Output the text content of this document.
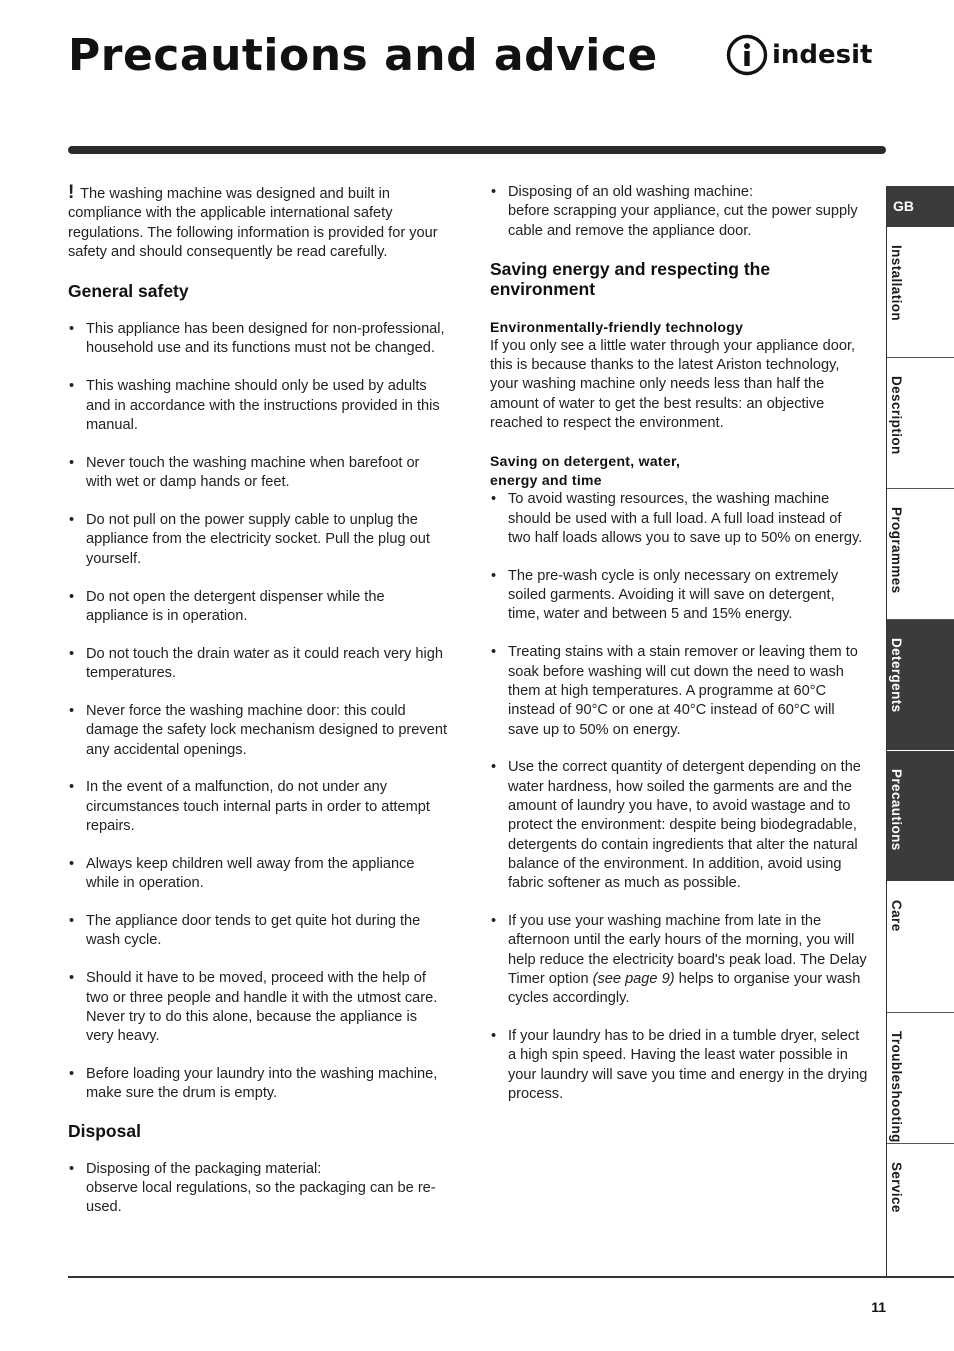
Precautions and advice	indesit

! The washing machine was designed and built in compliance with the applicable international safety regulations. The following information is provided for your safety and should consequently be read carefully.

General safety
• This appliance has been designed for non-professional, household use and its functions must not be changed.
• This washing machine should only be used by adults and in accordance with the instructions provided in this manual.
• Never touch the washing machine when barefoot or with wet or damp hands or feet.
• Do not pull on the power supply cable to unplug the appliance from the electricity socket. Pull the plug out yourself.
• Do not open the detergent dispenser while the appliance is in operation.
• Do not touch the drain water as it could reach very high temperatures.
• Never force the washing machine door: this could damage the safety lock mechanism designed to prevent any accidental openings.
• In the event of a malfunction, do not under any circumstances touch internal parts in order to attempt repairs.
• Always keep children well away from the appliance while in operation.
• The appliance door tends to get quite hot during the wash cycle.
• Should it have to be moved, proceed with the help of two or three people and handle it with the utmost care. Never try to do this alone, because the appliance is very heavy.
• Before loading your laundry into the washing machine, make sure the drum is empty.
Disposal
• Disposing of the packaging material:
observe local regulations, so the packaging can be re-used.
• Disposing of an old washing machine:
before scrapping your appliance, cut the power supply cable and remove the appliance door.
Saving energy and respecting the environment
Environmentally-friendly technology

If you only see a little water through your appliance door, this is because thanks to the latest Ariston technology, your washing machine only needs less than half the amount of water to get the best results: an objective reached to respect the environment.

Saving on detergent, water,
energy and time
• To avoid wasting resources, the washing machine should be used with a full load. A full load instead of two half loads allows you to save up to 50% on energy.
• The pre-wash cycle is only necessary on extremely soiled garments. Avoiding it will save on detergent, time, water and between 5 and 15% energy.
• Treating stains with a stain remover or leaving them to soak before washing will cut down the need to wash them at high temperatures. A programme at 60°C instead of 90°C or one at 40°C instead of 60°C will save up to 50% on energy.
• Use the correct quantity of detergent depending on the water hardness, how soiled the garments are and the amount of laundry you have, to avoid wastage and to protect the environment: despite being biodegradable, detergents do contain ingredients that alter the natural balance of the environment. In addition, avoid using fabric softener as much as possible.
• If you use your washing machine from late in the afternoon until the early hours of the morning, you will help reduce the electricity board's peak load. The Delay Timer option (see page 9) helps to organise your wash cycles accordingly.
• If your laundry has to be dried in a tumble dryer, select a high spin speed. Having the least water possible in your laundry will save you time and energy in the drying process.
GB
Installation
Description
Programmes
Detergents
Precautions
Care
Troubleshooting
Service
11
